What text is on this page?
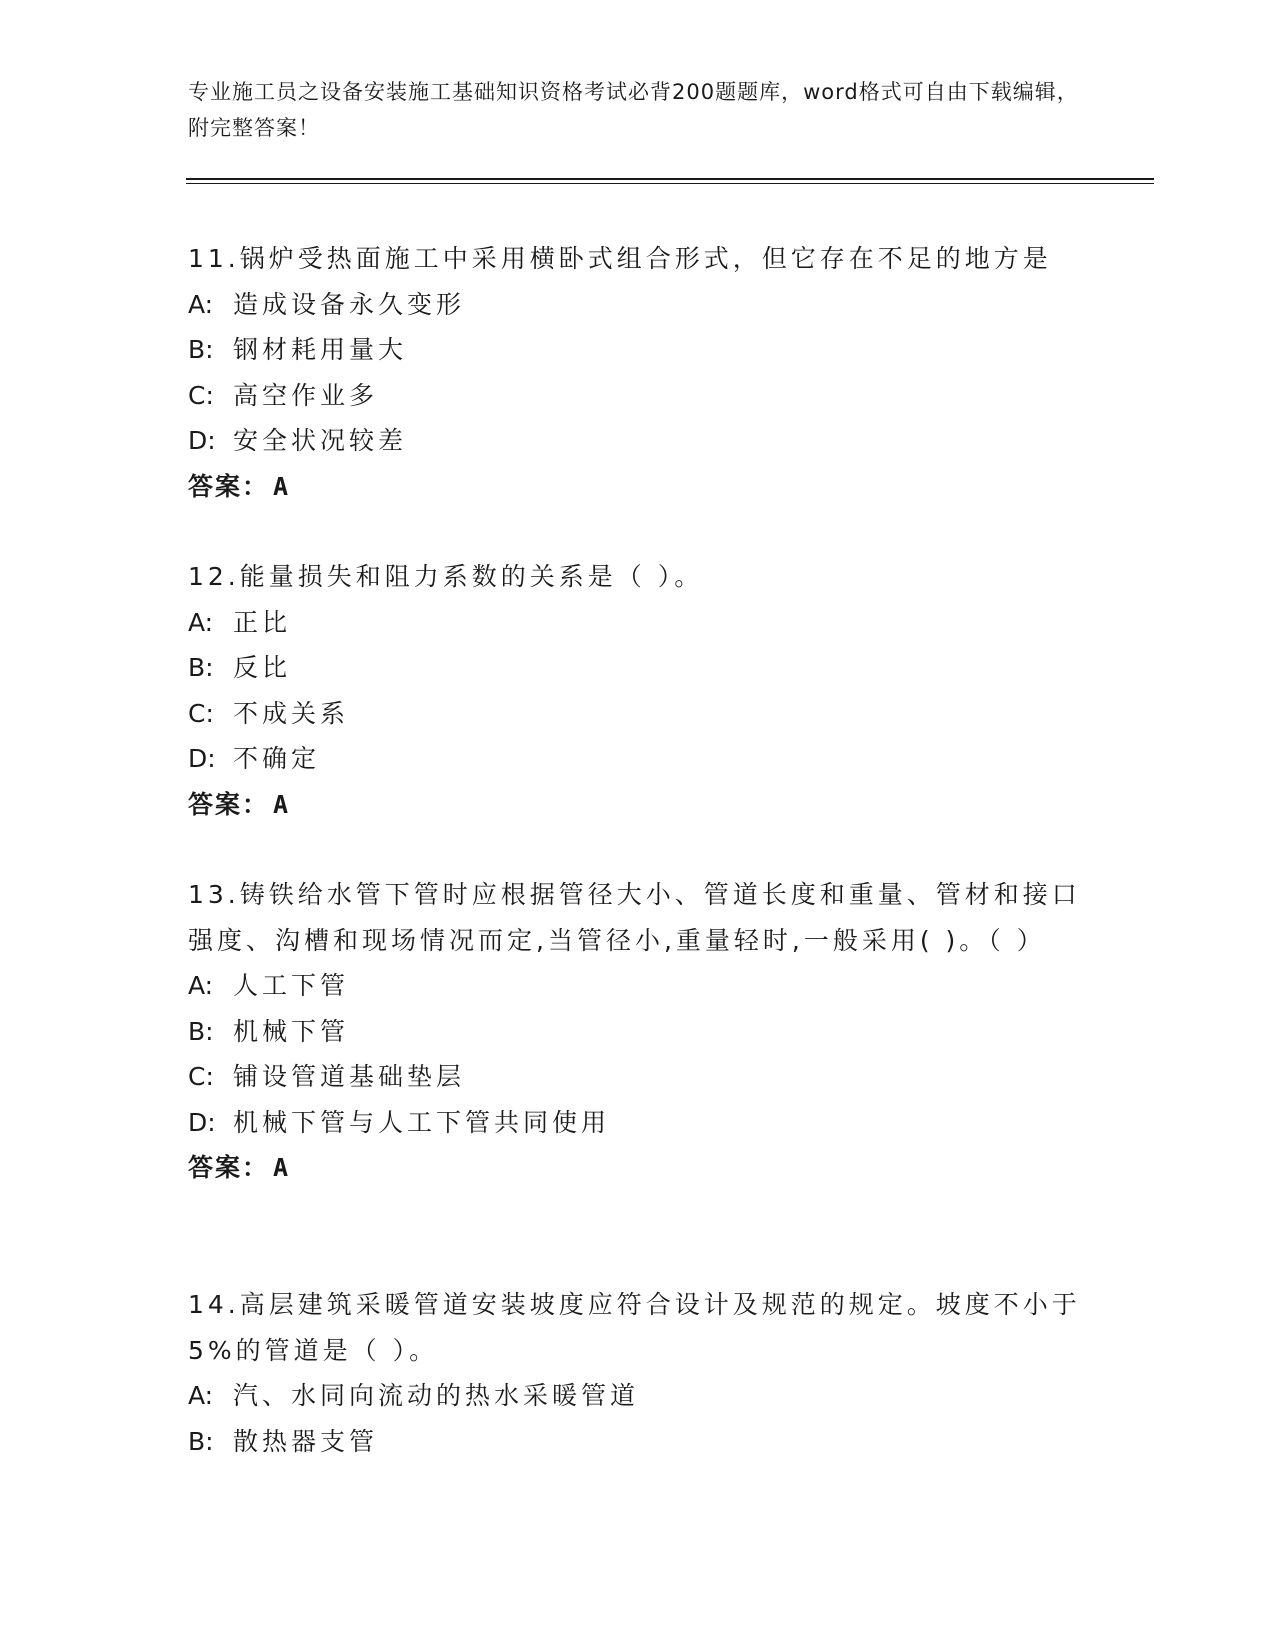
专业施工员之设备安装施工基础知识资格考试必背200题题库，word格式可自由下载编辑，附完整答案！

11.锅炉受热面施工中采用横卧式组合形式，但它存在不足的地方是

A: 造成设备永久变形
B: 钢材耗用量大
C: 高空作业多
D: 安全状况较差
答案： A

12.能量损失和阻力系数的关系是（ ）。

A: 正比
B: 反比
C: 不成关系
D: 不确定
答案： A

13.铸铁给水管下管时应根据管径大小、管道长度和重量、管材和接口强度、沟槽和现场情况而定,当管径小,重量轻时,一般采用( )。（ ）

A: 人工下管
B: 机械下管
C: 铺设管道基础垫层
D: 机械下管与人工下管共同使用
答案： A

14.高层建筑采暖管道安装坡度应符合设计及规范的规定。坡度不小于5%的管道是（ ）。

A: 汽、水同向流动的热水采暖管道
B: 散热器支管
